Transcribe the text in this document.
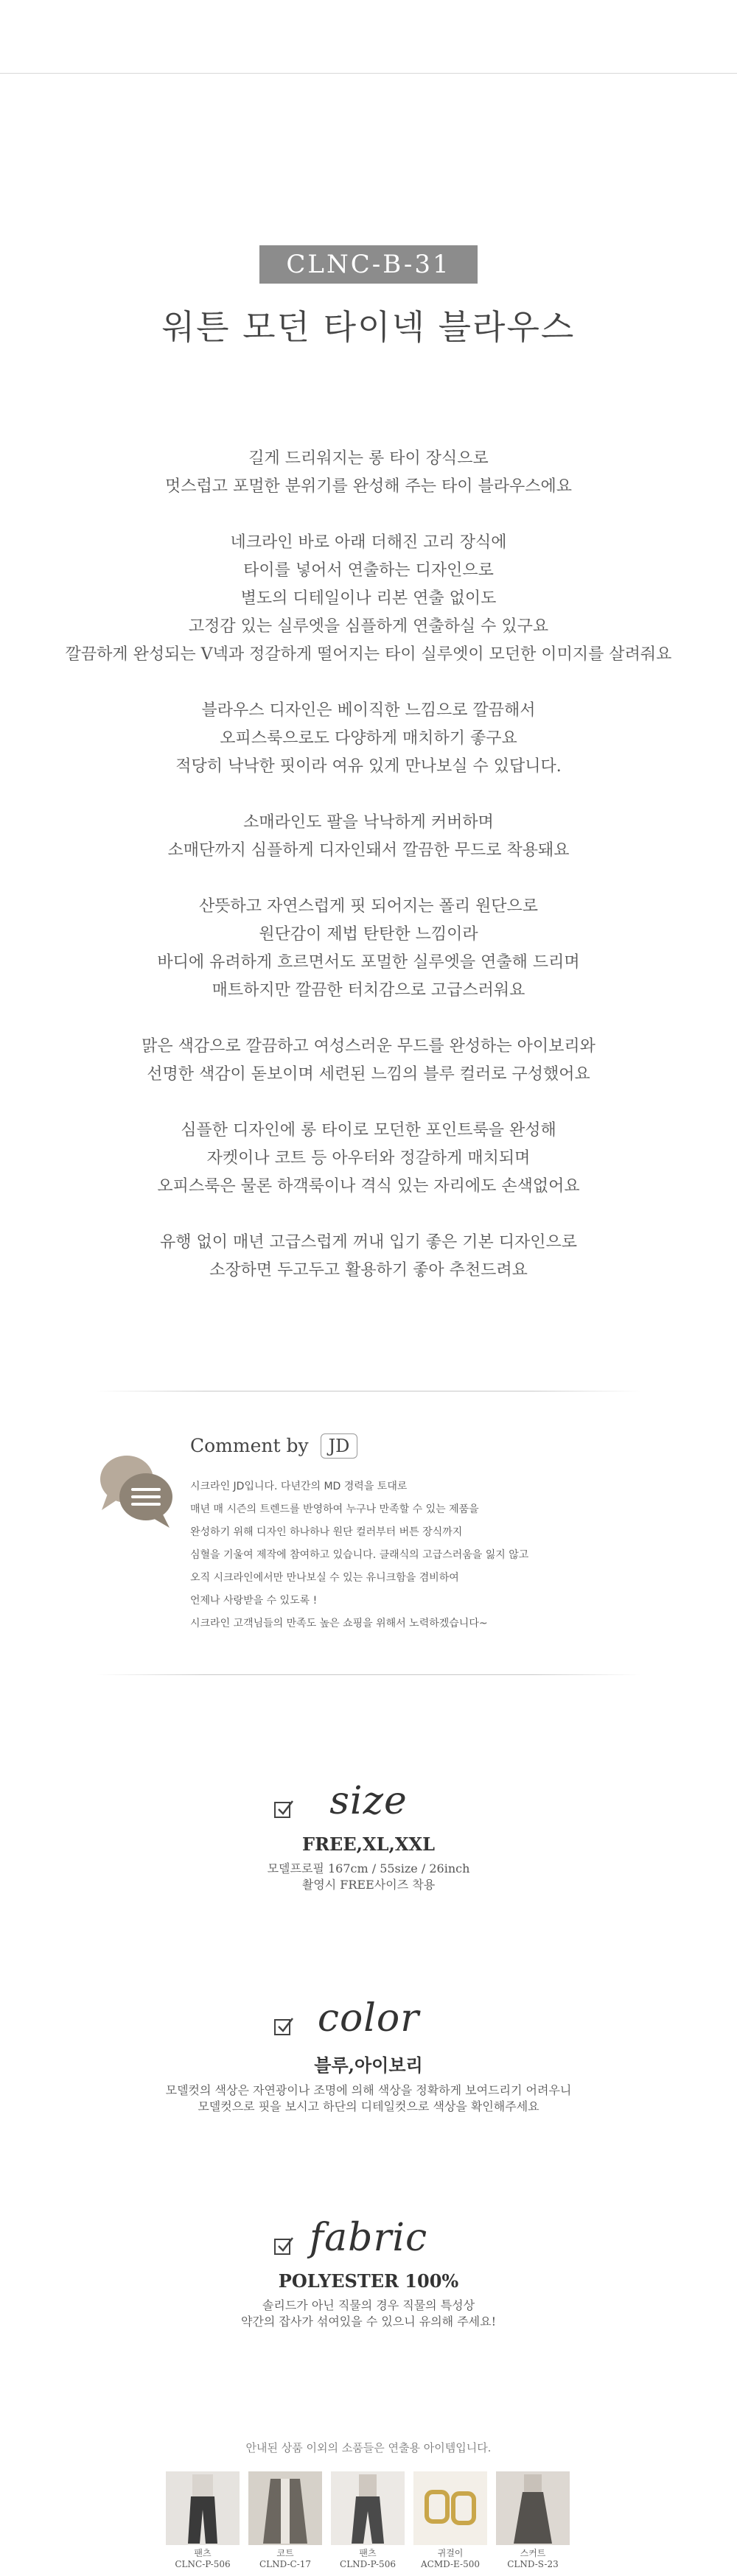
CLNC-B-31
워튼 모던 타이넥 블라우스

길게 드리워지는 롱 타이 장식으로
멋스럽고 포멀한 분위기를 완성해 주는 타이 블라우스에요

네크라인 바로 아래 더해진 고리 장식에
타이를 넣어서 연출하는 디자인으로
별도의 디테일이나 리본 연출 없이도
고정감 있는 실루엣을 심플하게 연출하실 수 있구요
깔끔하게 완성되는 V넥과 정갈하게 떨어지는 타이 실루엣이 모던한 이미지를 살려줘요

블라우스 디자인은 베이직한 느낌으로 깔끔해서
오피스룩으로도 다양하게 매치하기 좋구요
적당히 낙낙한 핏이라 여유 있게 만나보실 수 있답니다.

소매라인도 팔을 낙낙하게 커버하며
소매단까지 심플하게 디자인돼서 깔끔한 무드로 착용돼요

산뜻하고 자연스럽게 핏 되어지는 폴리 원단으로
원단감이 제법 탄탄한 느낌이라
바디에 유려하게 흐르면서도 포멀한 실루엣을 연출해 드리며
매트하지만 깔끔한 터치감으로 고급스러워요

맑은 색감으로 깔끔하고 여성스러운 무드를 완성하는 아이보리와
선명한 색감이 돋보이며 세련된 느낌의 블루 컬러로 구성했어요

심플한 디자인에 롱 타이로 모던한 포인트룩을 완성해
자켓이나 코트 등 아우터와 정갈하게 매치되며
오피스룩은 물론 하객룩이나 격식 있는 자리에도 손색없어요

유행 없이 매년 고급스럽게 꺼내 입기 좋은 기본 디자인으로
소장하면 두고두고 활용하기 좋아 추천드려요

Comment by JD
시크라인 JD입니다. 다년간의 MD 경력을 토대로
매년 매 시즌의 트렌드를 반영하여 누구나 만족할 수 있는 제품을
완성하기 위해 디자인 하나하나 원단 컬러부터 버튼 장식까지
심혈을 기울여 제작에 참여하고 있습니다. 클래식의 고급스러움을 잃지 않고
오직 시크라인에서만 만나보실 수 있는 유니크함을 겸비하여
언제나 사랑받을 수 있도록 !
시크라인 고객님들의 만족도 높은 쇼핑을 위해서 노력하겠습니다~
size
FREE,XL,XXL
모델프로필 167cm / 55size / 26inch
촬영시 FREE사이즈 착용
color
블루,아이보리
모델컷의 색상은 자연광이나 조명에 의해 색상을 정확하게 보여드리기 어려우니
모델컷으로 핏을 보시고 하단의 디테일컷으로 색상을 확인해주세요
fabric
POLYESTER 100%
솔리드가 아닌 직물의 경우 직물의 특성상
약간의 잡사가 섞여있을 수 있으니 유의해 주세요!
안내된 상품 이외의 소품들은 연출용 아이템입니다.
팬츠
CLNC-P-506
코트
CLND-C-17
팬츠
CLND-P-506
귀걸이
ACMD-E-500
스커트
CLND-S-23
